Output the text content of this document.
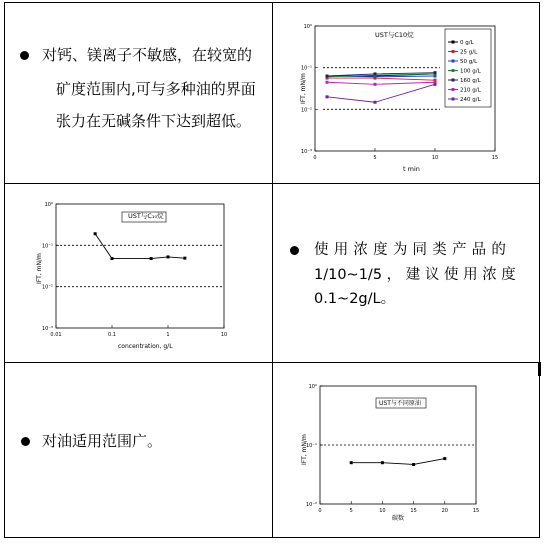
对钙、镁离子不敏感，在较宽的
矿度范围内,可与多种油的界面
张力在无碱条件下达到超低。
使 用 浓 度 为 同 类 产 品 的
1/10~1/5 ， 建 议 使 用 浓 度
0.1~2g/L。
对油适用范围广。
UST与C10烷
IFT, mN/m
t min
10⁰
10⁻¹
10⁻²
10⁻³
0	5	10	15
0 g/L
25 g/L
50 g/L
100 g/L
160 g/L
210 g/L
240 g/L
10⁰
10⁻¹
10⁻²
10⁻³
0.01	0.1	1	10
UST与C₁₀烷
IFT, mN/m
concentration, g/L
10⁰
10⁻¹
10⁻²
0	5	10	15	20	15
UST与不同原油
IFT, mN/m
碳数
